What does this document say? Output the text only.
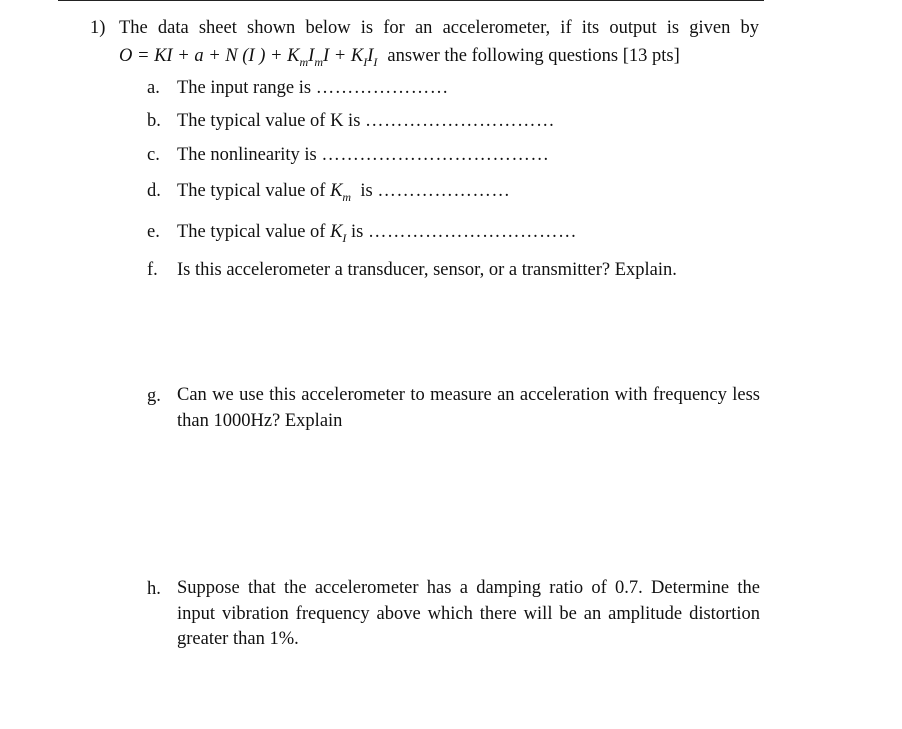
1) The data sheet shown below is for an accelerometer, if its output is given by
O = KI + a + N (I ) + $K_mI_mI + K_II_I$ answer the following questions [13 pts]
a. The input range is …………………
b. The typical value of K is …………………………
c. The nonlinearity is ………………………………
d. The typical value of $K_m$ is …………………
e. The typical value of $K_I$ is ……………………………
f. Is this accelerometer a transducer, sensor, or a transmitter? Explain.
g. Can we use this accelerometer to measure an acceleration with frequency less than 1000Hz? Explain
h. Suppose that the accelerometer has a damping ratio of 0.7. Determine the input vibration frequency above which there will be an amplitude distortion greater than 1%.
